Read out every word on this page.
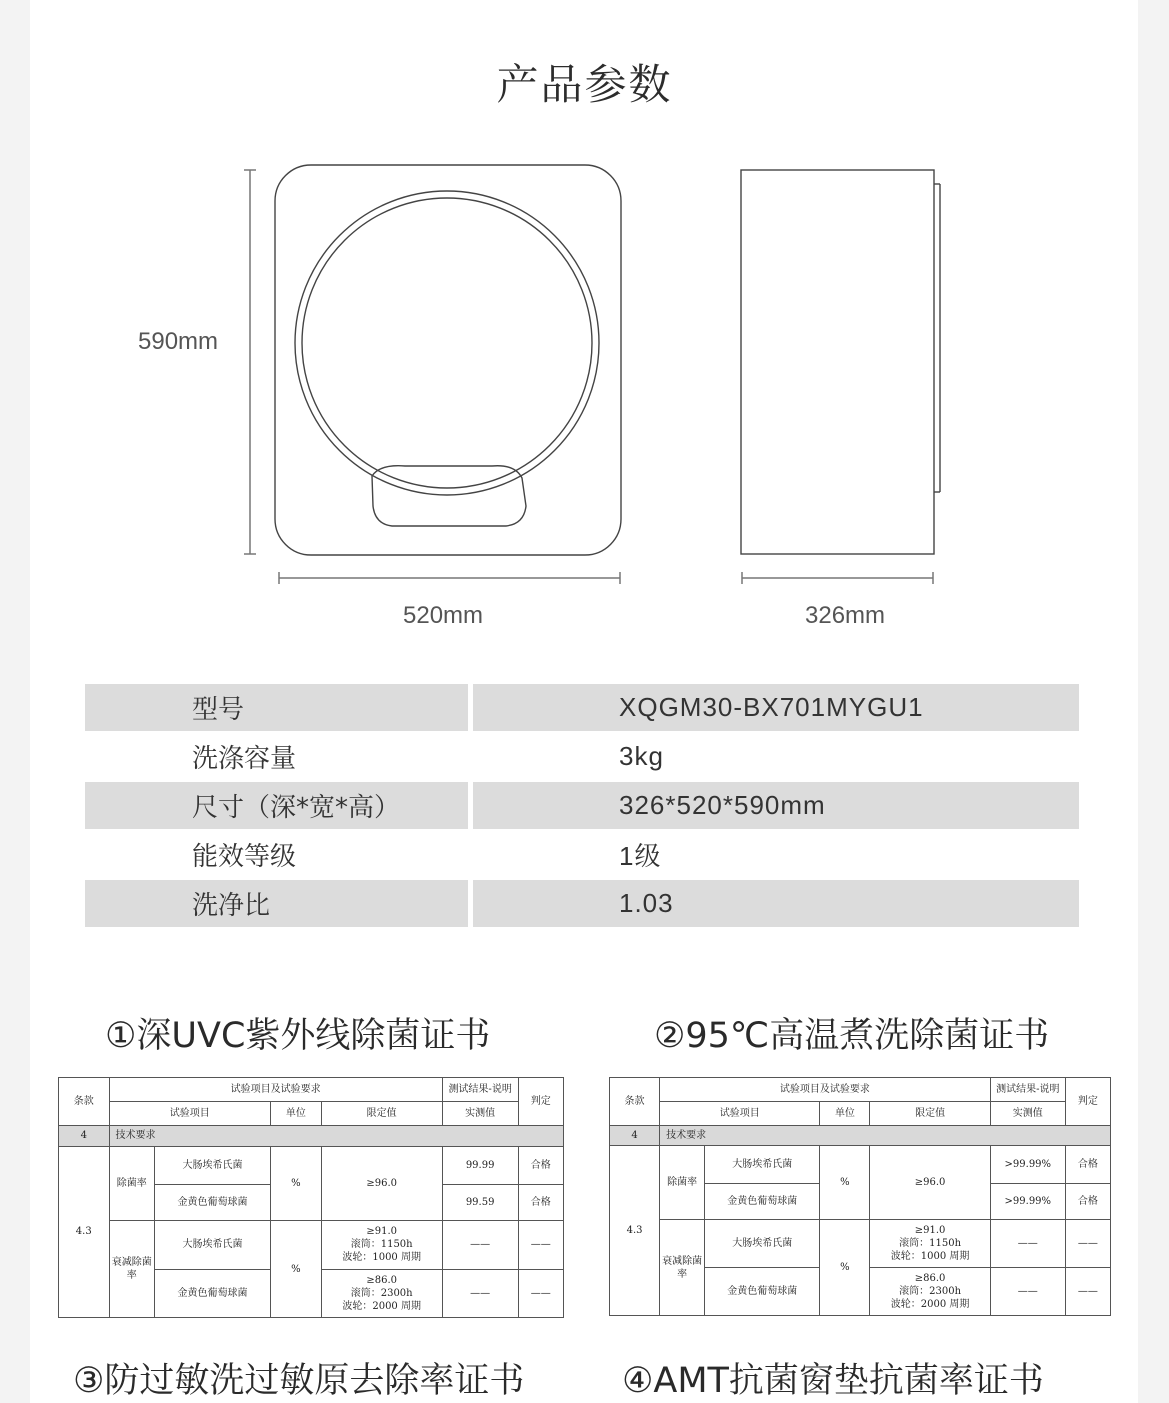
产品参数
590mm
520mm	326mm
型号	XQGM30-BX701MYGU1
洗涤容量	3kg
尺寸（深*宽*高）	326*520*590mm
能效等级	1级
洗净比	1.03
①深UVC紫外线除菌证书	②95℃高温煮洗除菌证书
条款	试验项目及试验要求				测试结果-说明	判定
	试验项目		单位	限定值	实测值	
4	技术要求					
4.3	除菌率	大肠埃希氏菌	%	≥96.0	99.99	合格
		金黄色葡萄球菌			99.59	合格
	衰减除菌率	大肠埃希氏菌	%	≥91.0
滚筒：1150h
波轮：1000 周期	——	——
		金黄色葡萄球菌		≥86.0
滚筒：2300h
波轮：2000 周期	——	——
条款	试验项目及试验要求				测试结果-说明	判定
	试验项目		单位	限定值	实测值	
4	技术要求					
4.3	除菌率	大肠埃希氏菌	%	≥96.0	>99.99%	合格
		金黄色葡萄球菌			>99.99%	合格
	衰减除菌率	大肠埃希氏菌	%	≥91.0
滚筒：1150h
波轮：1000 周期	——	——
		金黄色葡萄球菌		≥86.0
滚筒：2300h
波轮：2000 周期	——	——
③防过敏洗过敏原去除率证书	④AMT抗菌窗垫抗菌率证书
